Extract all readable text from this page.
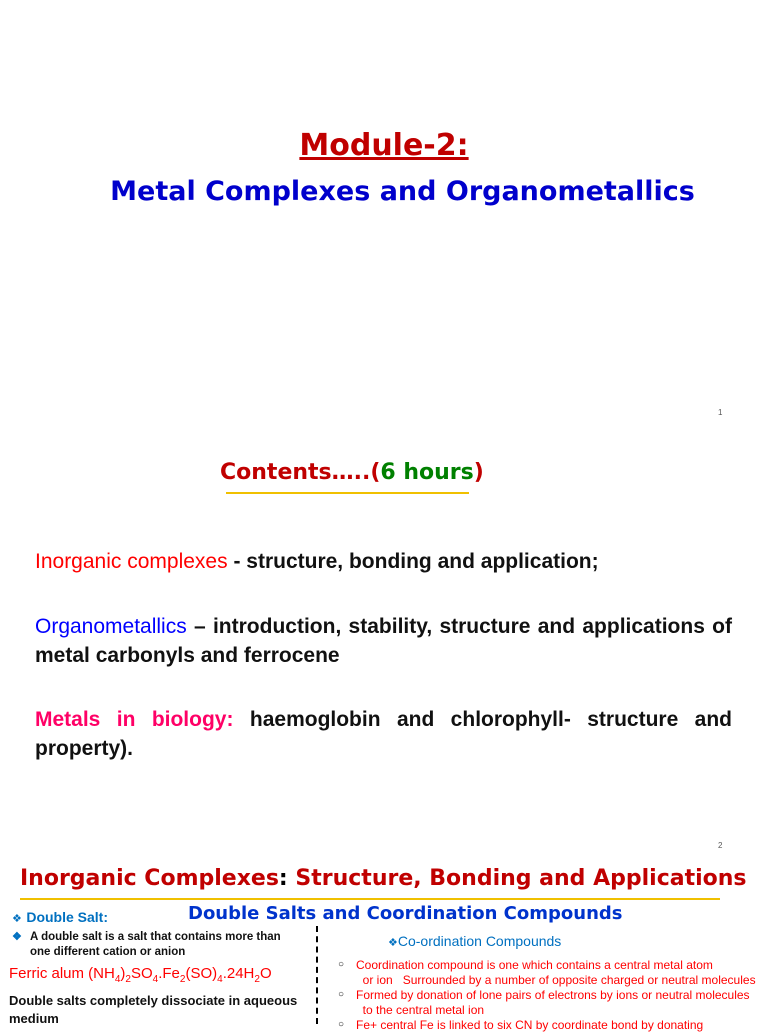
Module-2:
Metal Complexes and Organometallics
1
Contents…..(6 hours)
Inorganic complexes - structure, bonding and application;
Organometallics – introduction, stability, structure and applications of metal carbonyls and ferrocene
Metals in biology: haemoglobin and chlorophyll- structure and property).
2
Inorganic Complexes: Structure, Bonding and Applications
Double Salts and Coordination Compounds
❖ Double Salt:
❖ A double salt is a salt that contains more than one different cation or anion
Ferric alum $(NH_4)_2SO_4.Fe_2(SO)_4.24H_2O$
Double salts completely dissociate in aqueous medium
❖Co-ordination Compounds
○ Coordination compound is one which contains a central metal atom
or ion   Surrounded by a number of opposite charged or neutral molecules
○ Formed by donation of lone pairs of electrons by ions or neutral molecules
to the central metal ion
○ Fe+ central Fe is linked to six CN by coordinate bond by donating
